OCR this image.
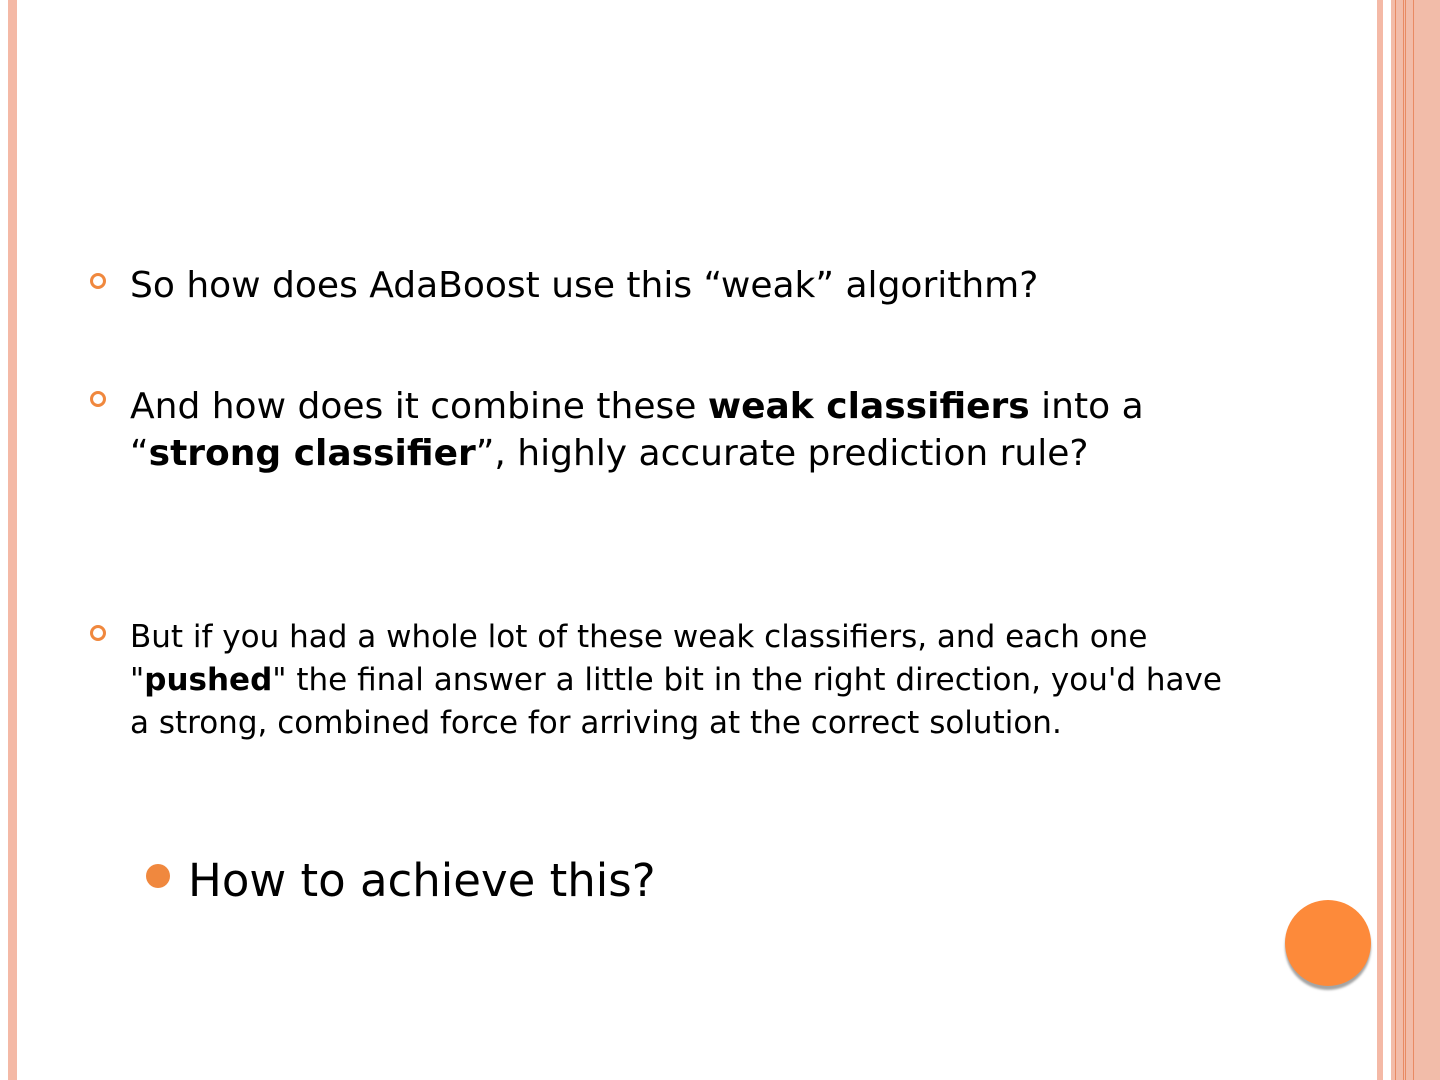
So how does AdaBoost use this “weak” algorithm?
And how does it combine these weak classifiers into a “strong classifier”, highly accurate prediction rule?
But if you had a whole lot of these weak classifiers, and each one "pushed" the final answer a little bit in the right direction, you'd have a strong, combined force for arriving at the correct solution.
How to achieve this?
